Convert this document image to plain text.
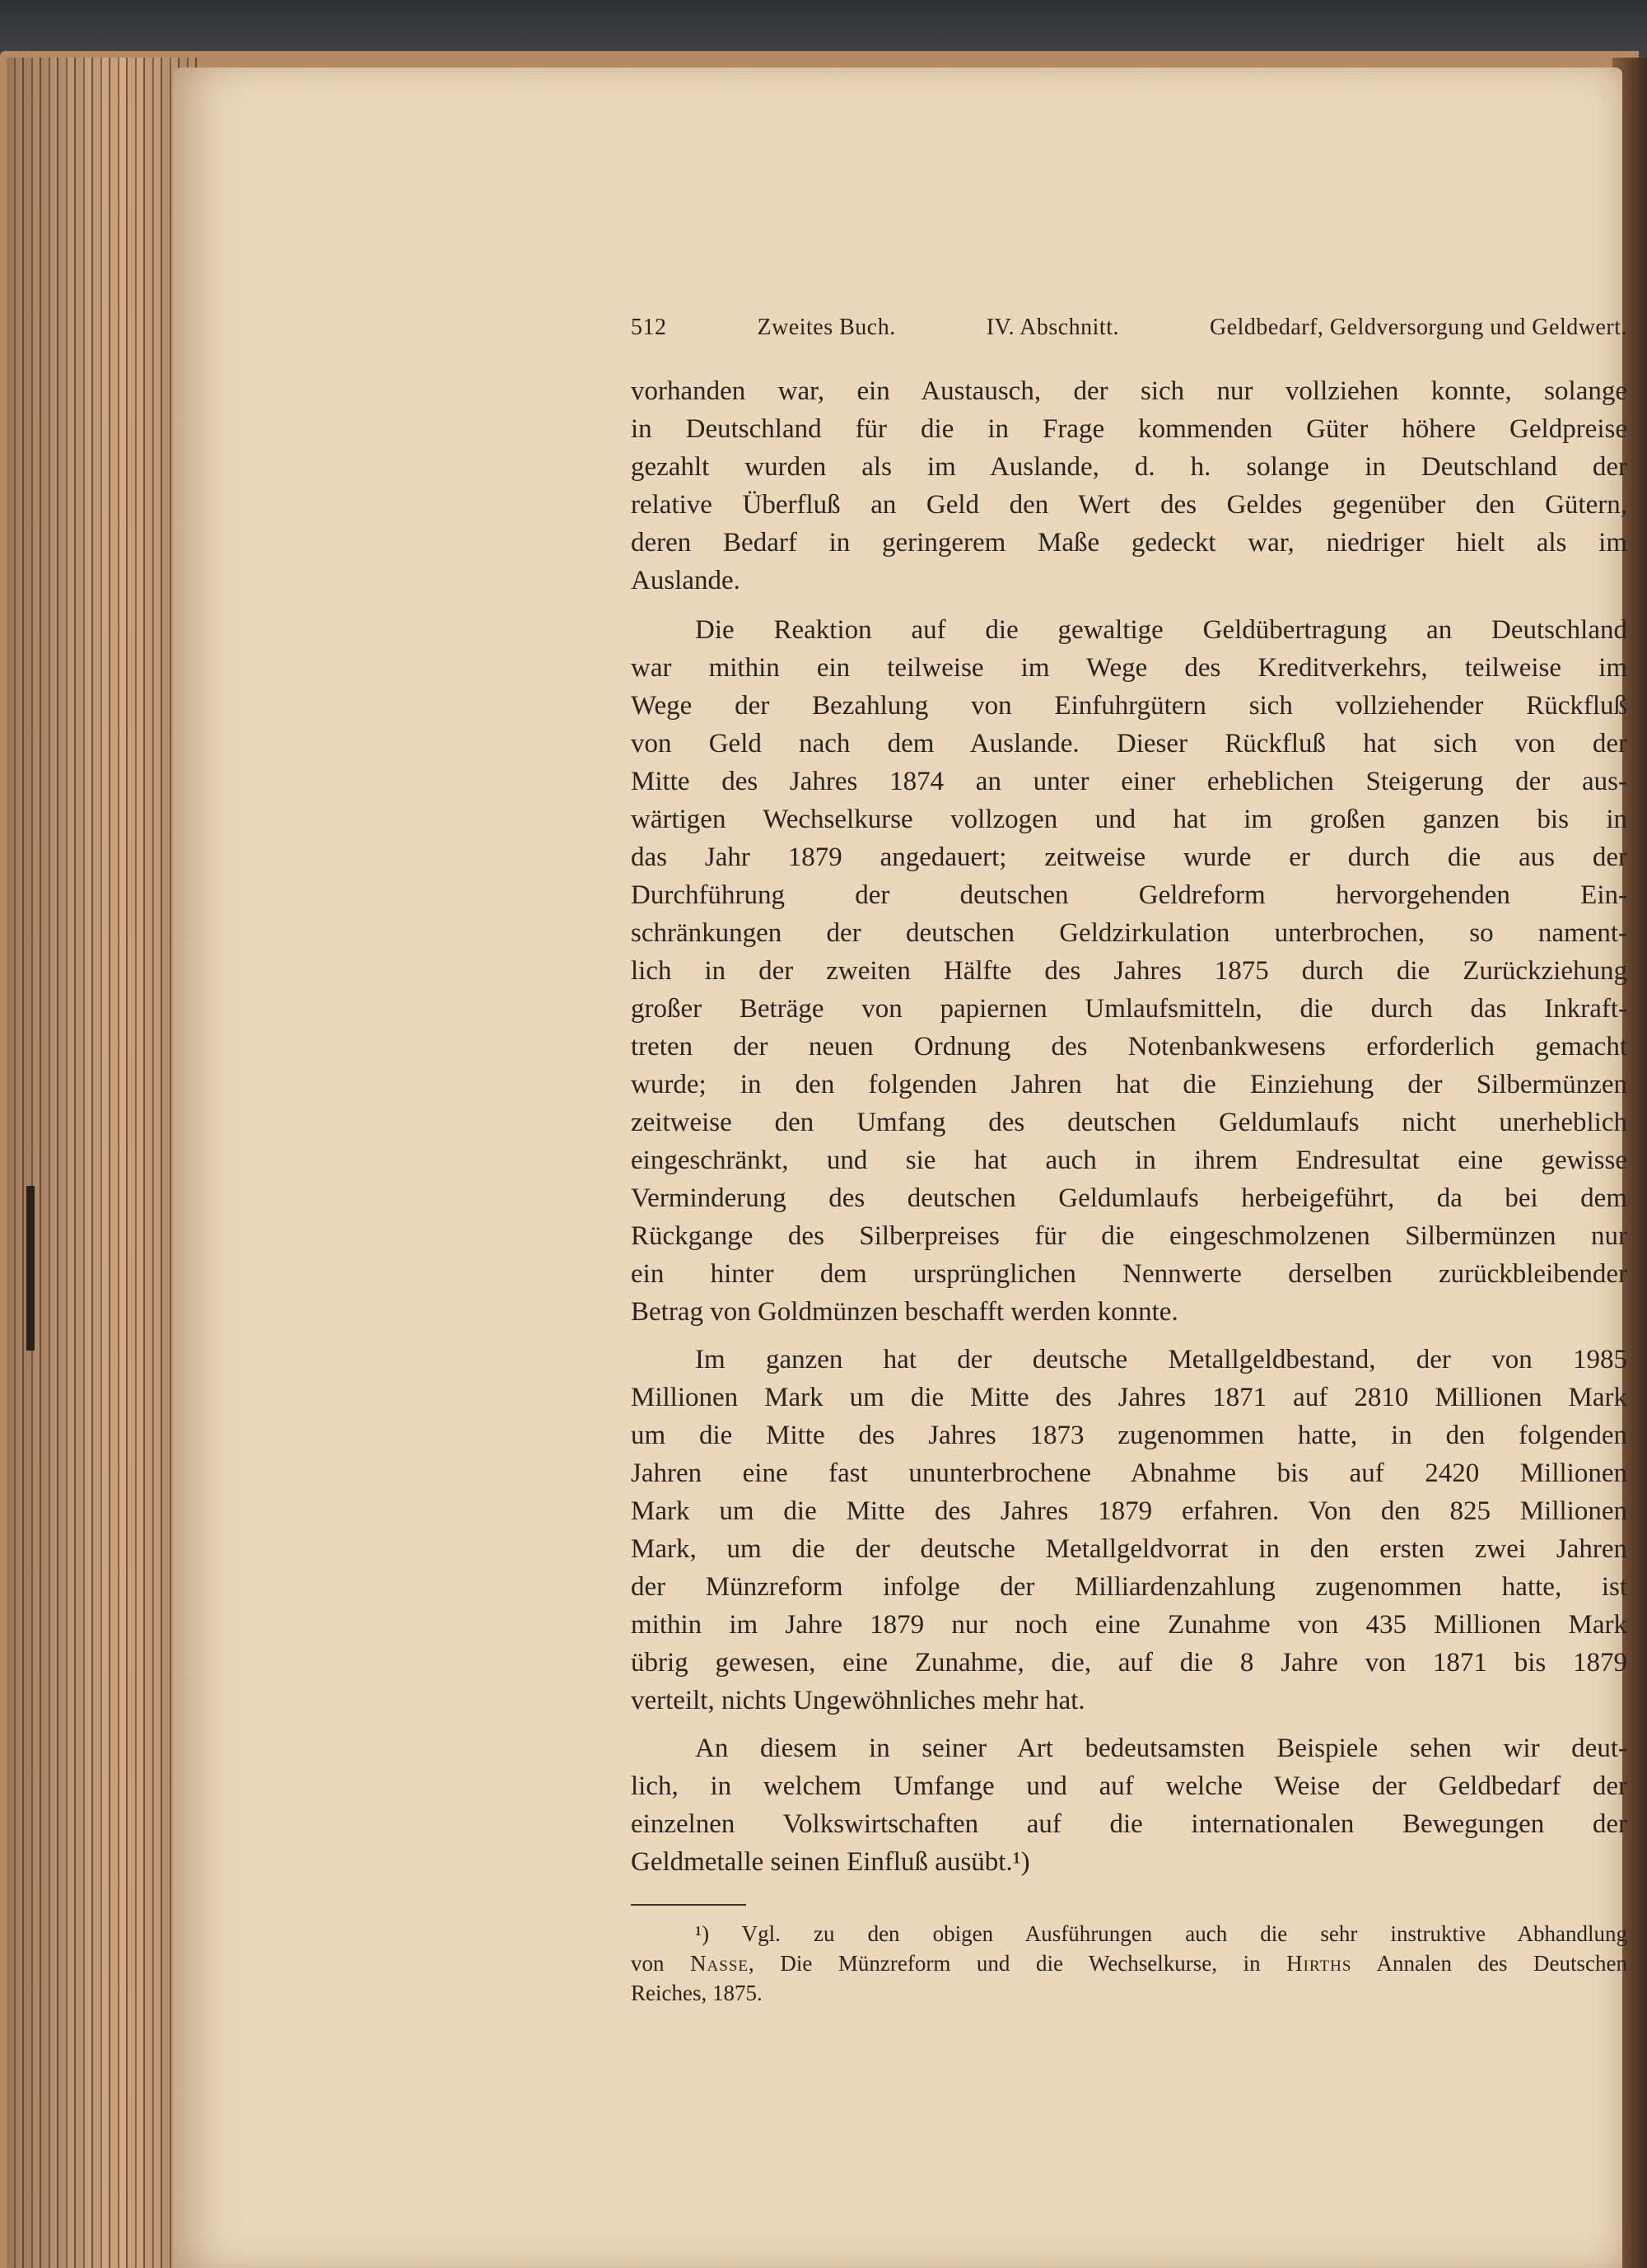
512	Zweites Buch.	IV. Abschnitt.	Geldbedarf, Geldversorgung und Geldwert.
vorhanden war, ein Austausch, der sich nur vollziehen konnte, solange
in Deutschland für die in Frage kommenden Güter höhere Geldpreise
gezahlt wurden als im Auslande, d. h. solange in Deutschland der
relative Überfluß an Geld den Wert des Geldes gegenüber den Gütern,
deren Bedarf in geringerem Maße gedeckt war, niedriger hielt als im
Auslande.
Die Reaktion auf die gewaltige Geldübertragung an Deutschland
war mithin ein teilweise im Wege des Kreditverkehrs, teilweise im
Wege der Bezahlung von Einfuhrgütern sich vollziehender Rückfluß
von Geld nach dem Auslande. Dieser Rückfluß hat sich von der
Mitte des Jahres 1874 an unter einer erheblichen Steigerung der aus-
wärtigen Wechselkurse vollzogen und hat im großen ganzen bis in
das Jahr 1879 angedauert; zeitweise wurde er durch die aus der
Durchführung der deutschen Geldreform hervorgehenden Ein-
schränkungen der deutschen Geldzirkulation unterbrochen, so nament-
lich in der zweiten Hälfte des Jahres 1875 durch die Zurückziehung
großer Beträge von papiernen Umlaufsmitteln, die durch das Inkraft-
treten der neuen Ordnung des Notenbankwesens erforderlich gemacht
wurde; in den folgenden Jahren hat die Einziehung der Silbermünzen
zeitweise den Umfang des deutschen Geldumlaufs nicht unerheblich
eingeschränkt, und sie hat auch in ihrem Endresultat eine gewisse
Verminderung des deutschen Geldumlaufs herbeigeführt, da bei dem
Rückgange des Silberpreises für die eingeschmolzenen Silbermünzen nur
ein hinter dem ursprünglichen Nennwerte derselben zurückbleibender
Betrag von Goldmünzen beschafft werden konnte.
Im ganzen hat der deutsche Metallgeldbestand, der von 1985
Millionen Mark um die Mitte des Jahres 1871 auf 2810 Millionen Mark
um die Mitte des Jahres 1873 zugenommen hatte, in den folgenden
Jahren eine fast ununterbrochene Abnahme bis auf 2420 Millionen
Mark um die Mitte des Jahres 1879 erfahren. Von den 825 Millionen
Mark, um die der deutsche Metallgeldvorrat in den ersten zwei Jahren
der Münzreform infolge der Milliardenzahlung zugenommen hatte, ist
mithin im Jahre 1879 nur noch eine Zunahme von 435 Millionen Mark
übrig gewesen, eine Zunahme, die, auf die 8 Jahre von 1871 bis 1879
verteilt, nichts Ungewöhnliches mehr hat.
An diesem in seiner Art bedeutsamsten Beispiele sehen wir deut-
lich, in welchem Umfange und auf welche Weise der Geldbedarf der
einzelnen Volkswirtschaften auf die internationalen Bewegungen der
Geldmetalle seinen Einfluß ausübt.¹)
¹) Vgl. zu den obigen Ausführungen auch die sehr instruktive Abhandlung
von Nasse, Die Münzreform und die Wechselkurse, in Hirths Annalen des Deutschen
Reiches, 1875.
